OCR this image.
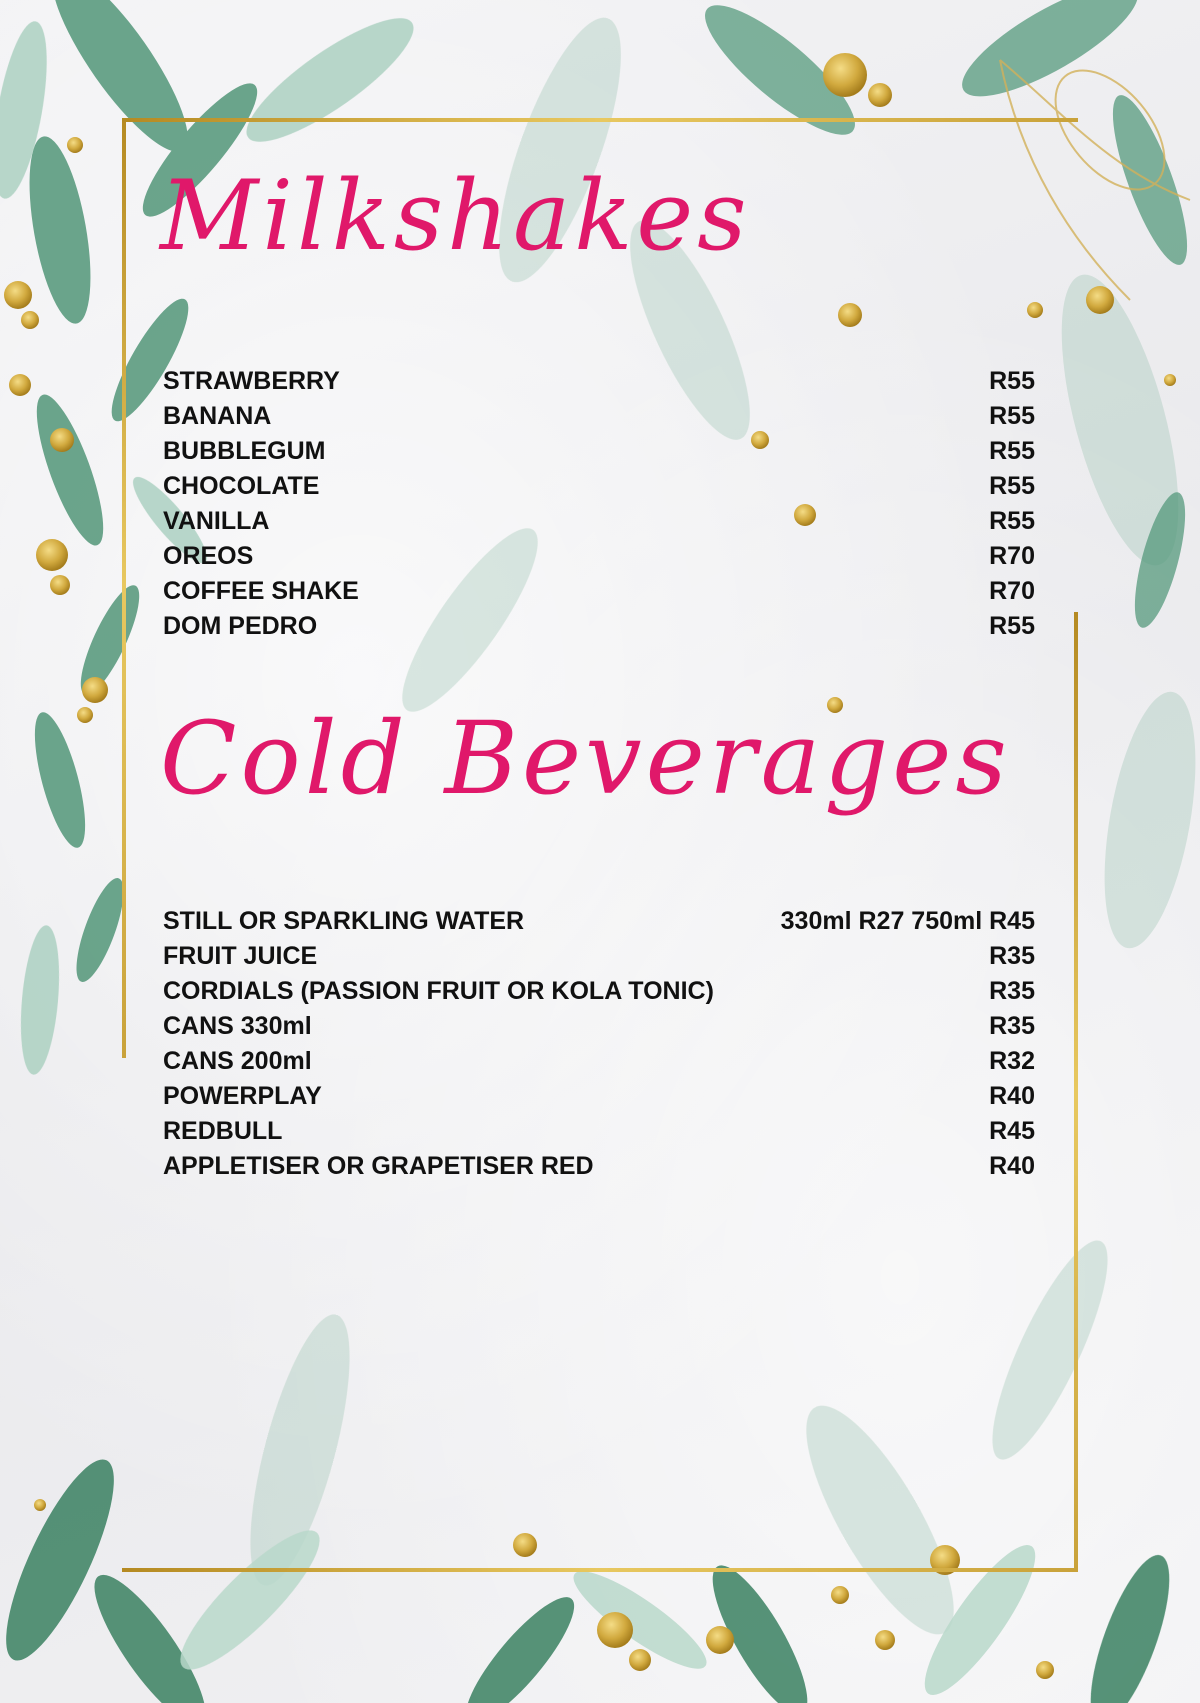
Milkshakes
STRAWBERRY	R55
BANANA	R55
BUBBLEGUM	R55
CHOCOLATE	R55
VANILLA	R55
OREOS	R70
COFFEE SHAKE	R70
DOM PEDRO	R55
Cold Beverages
STILL OR SPARKLING WATER	330ml R27 750ml R45
FRUIT JUICE	R35
CORDIALS (PASSION FRUIT OR KOLA TONIC)	R35
CANS 330ml	R35
CANS 200ml	R32
POWERPLAY	R40
REDBULL	R45
APPLETISER OR GRAPETISER RED	R40
